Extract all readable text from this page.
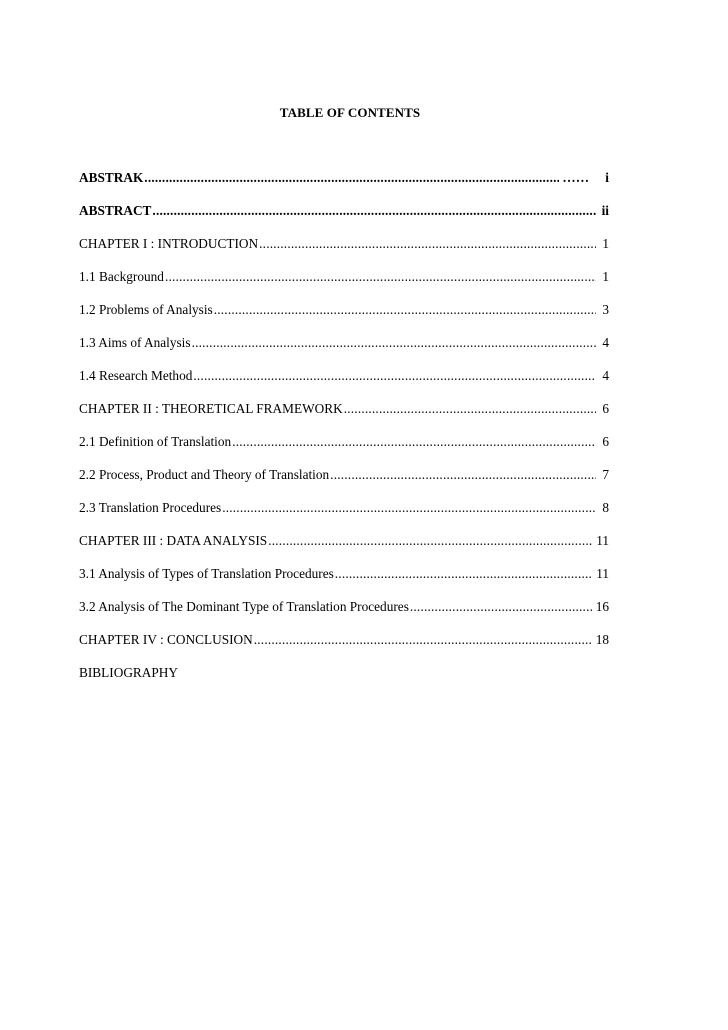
TABLE OF CONTENTS
ABSTRAK .....	……	i
ABSTRACT .....	ii
CHAPTER I : INTRODUCTION .....	1
1.1 Background .....	1
1.2 Problems of Analysis .....	3
1.3 Aims of Analysis .....	4
1.4 Research Method .....	4
CHAPTER II : THEORETICAL FRAMEWORK .....	6
2.1 Definition of Translation .....	6
2.2 Process, Product and Theory of Translation .....	7
2.3 Translation Procedures .....	8
CHAPTER III : DATA ANALYSIS .....	11
3.1 Analysis of Types of Translation Procedures .....	11
3.2 Analysis of The Dominant Type of Translation Procedures .....	16
CHAPTER IV : CONCLUSION .....	18
BIBLIOGRAPHY
